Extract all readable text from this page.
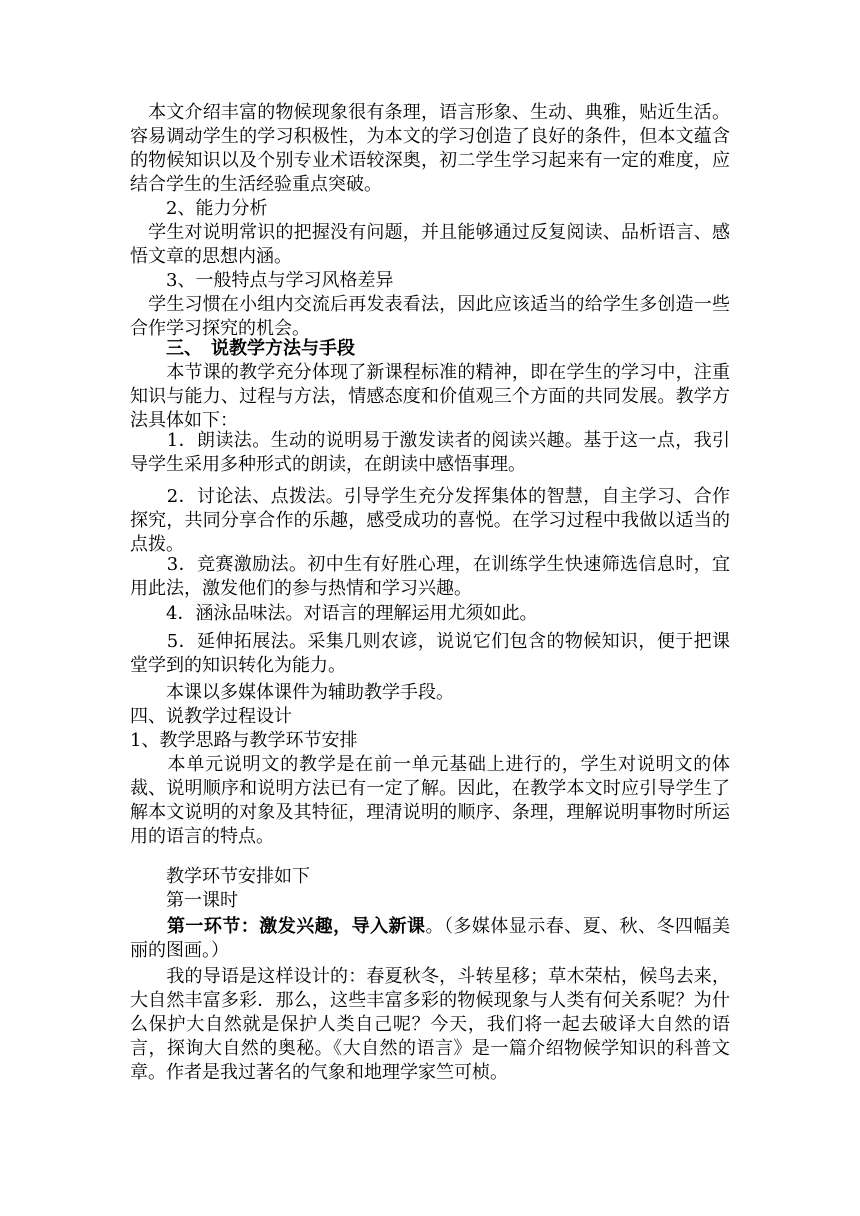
　本文介绍丰富的物候现象很有条理，语言形象、生动、典雅，贴近生活。容易调动学生的学习积极性，为本文的学习创造了良好的条件，但本文蕴含的物候知识以及个别专业术语较深奥，初二学生学习起来有一定的难度，应结合学生的生活经验重点突破。

　　2、能力分析

　学生对说明常识的把握没有问题，并且能够通过反复阅读、品析语言、感悟文章的思想内涵。

　　3、一般特点与学习风格差异

　学生习惯在小组内交流后再发表看法，因此应该适当的给学生多创造一些合作学习探究的机会。

　　三、　说教学方法与手段

　　本节课的教学充分体现了新课程标准的精神，即在学生的学习中，注重知识与能力、过程与方法，情感态度和价值观三个方面的共同发展。教学方法具体如下：

　　1．朗读法。生动的说明易于激发读者的阅读兴趣。基于这一点，我引导学生采用多种形式的朗读，在朗读中感悟事理。

　　2．讨论法、点拨法。引导学生充分发挥集体的智慧，自主学习、合作探究，共同分享合作的乐趣，感受成功的喜悦。在学习过程中我做以适当的点拨。

　　3．竞赛激励法。初中生有好胜心理，在训练学生快速筛选信息时，宜用此法，激发他们的参与热情和学习兴趣。

　　4．涵泳品味法。对语言的理解运用尤须如此。

　　5．延伸拓展法。采集几则农谚，说说它们包含的物候知识，便于把课堂学到的知识转化为能力。

　　本课以多媒体课件为辅助教学手段。

四、说教学过程设计

1、教学思路与教学环节安排

　　本单元说明文的教学是在前一单元基础上进行的，学生对说明文的体裁、说明顺序和说明方法已有一定了解。因此，在教学本文时应引导学生了解本文说明的对象及其特征，理清说明的顺序、条理，理解说明事物时所运用的语言的特点。

　　教学环节安排如下

　　第一课时

　　第一环节：激发兴趣，导入新课。（多媒体显示春、夏、秋、冬四幅美丽的图画。）

　　我的导语是这样设计的：春夏秋冬，斗转星移；草木荣枯，候鸟去来，大自然丰富多彩．那么，这些丰富多彩的物候现象与人类有何关系呢？为什么保护大自然就是保护人类自己呢？今天，我们将一起去破译大自然的语言，探询大自然的奥秘。《大自然的语言》是一篇介绍物候学知识的科普文章。作者是我过著名的气象和地理学家竺可桢。
